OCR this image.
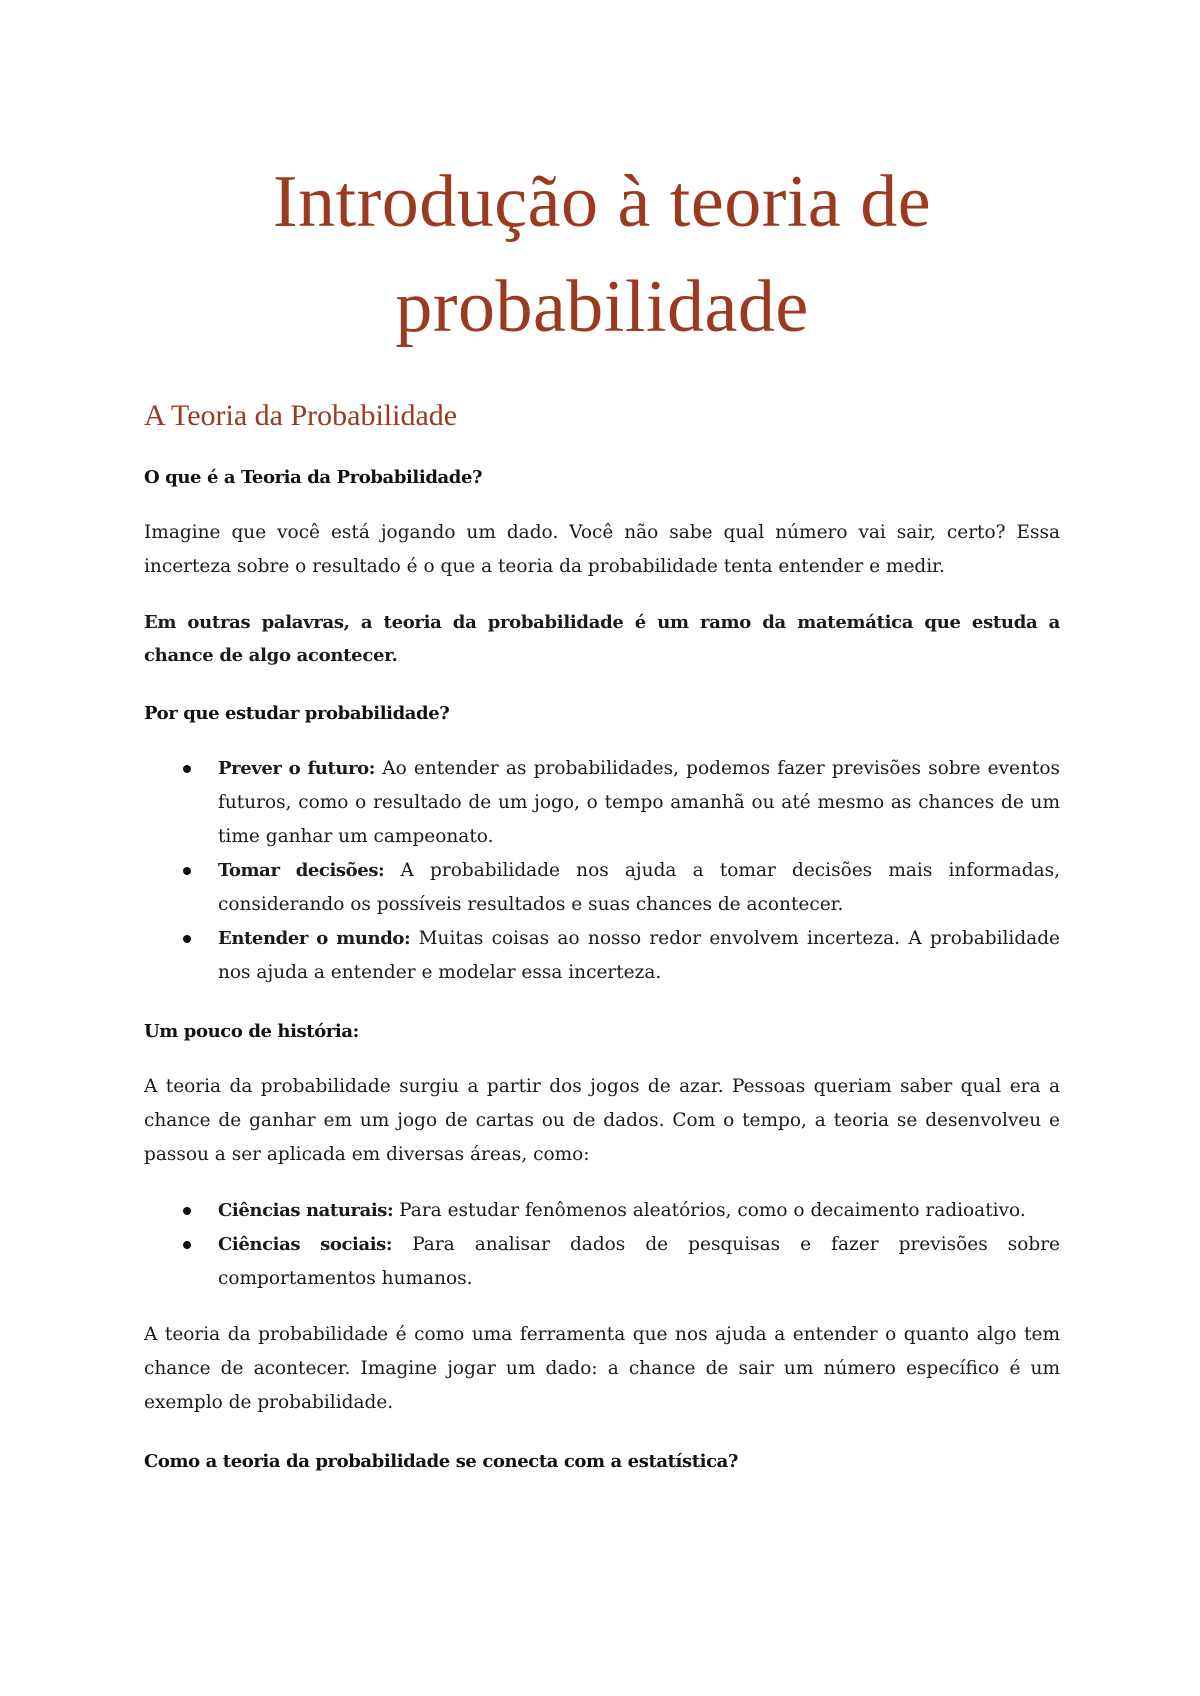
Introdução à teoria de
probabilidade
A Teoria da Probabilidade

O que é a Teoria da Probabilidade?

Imagine que você está jogando um dado. Você não sabe qual número vai sair, certo? Essa incerteza sobre o resultado é o que a teoria da probabilidade tenta entender e medir.

Em outras palavras, a teoria da probabilidade é um ramo da matemática que estuda a chance de algo acontecer.

Por que estudar probabilidade?

Prever o futuro: Ao entender as probabilidades, podemos fazer previsões sobre eventos futuros, como o resultado de um jogo, o tempo amanhã ou até mesmo as chances de um time ganhar um campeonato.
Tomar decisões: A probabilidade nos ajuda a tomar decisões mais informadas, considerando os possíveis resultados e suas chances de acontecer.
Entender o mundo: Muitas coisas ao nosso redor envolvem incerteza. A probabilidade nos ajuda a entender e modelar essa incerteza.

Um pouco de história:

A teoria da probabilidade surgiu a partir dos jogos de azar. Pessoas queriam saber qual era a chance de ganhar em um jogo de cartas ou de dados. Com o tempo, a teoria se desenvolveu e passou a ser aplicada em diversas áreas, como:

Ciências naturais: Para estudar fenômenos aleatórios, como o decaimento radioativo.
Ciências sociais: Para analisar dados de pesquisas e fazer previsões sobre comportamentos humanos.

A teoria da probabilidade é como uma ferramenta que nos ajuda a entender o quanto algo tem chance de acontecer. Imagine jogar um dado: a chance de sair um número específico é um exemplo de probabilidade.

Como a teoria da probabilidade se conecta com a estatística?
